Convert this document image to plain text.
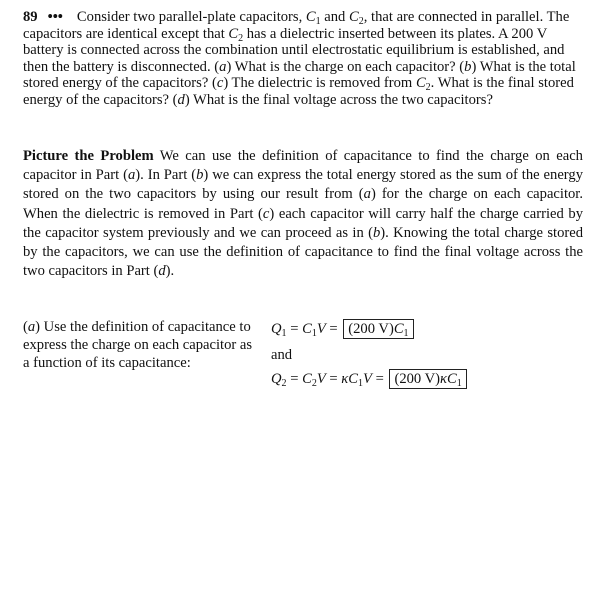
89 ••• Consider two parallel-plate capacitors, $C_1$ and $C_2$, that are connected in parallel. The capacitors are identical except that $C_2$ has a dielectric inserted between its plates. A 200 V battery is connected across the combination until electrostatic equilibrium is established, and then the battery is disconnected. (a) What is the charge on each capacitor? (b) What is the total stored energy of the capacitors? (c) The dielectric is removed from $C_2$. What is the final stored energy of the capacitors? (d) What is the final voltage across the two capacitors?

Picture the Problem We can use the definition of capacitance to find the charge on each capacitor in Part (a). In Part (b) we can express the total energy stored as the sum of the energy stored on the two capacitors by using our result from (a) for the charge on each capacitor. When the dielectric is removed in Part (c) each capacitor will carry half the charge carried by the capacitor system previously and we can proceed as in (b). Knowing the total charge stored by the capacitors, we can use the definition of capacitance to find the final voltage across the two capacitors in Part (d).

(a) Use the definition of capacitance to express the charge on each capacitor as a function of its capacitance:

$Q_1 = C_1V = (200$ $V)C_1$
and
$Q_2 = C_2V = \kappa C_1V = (200$ $V)\kappa C_1$
